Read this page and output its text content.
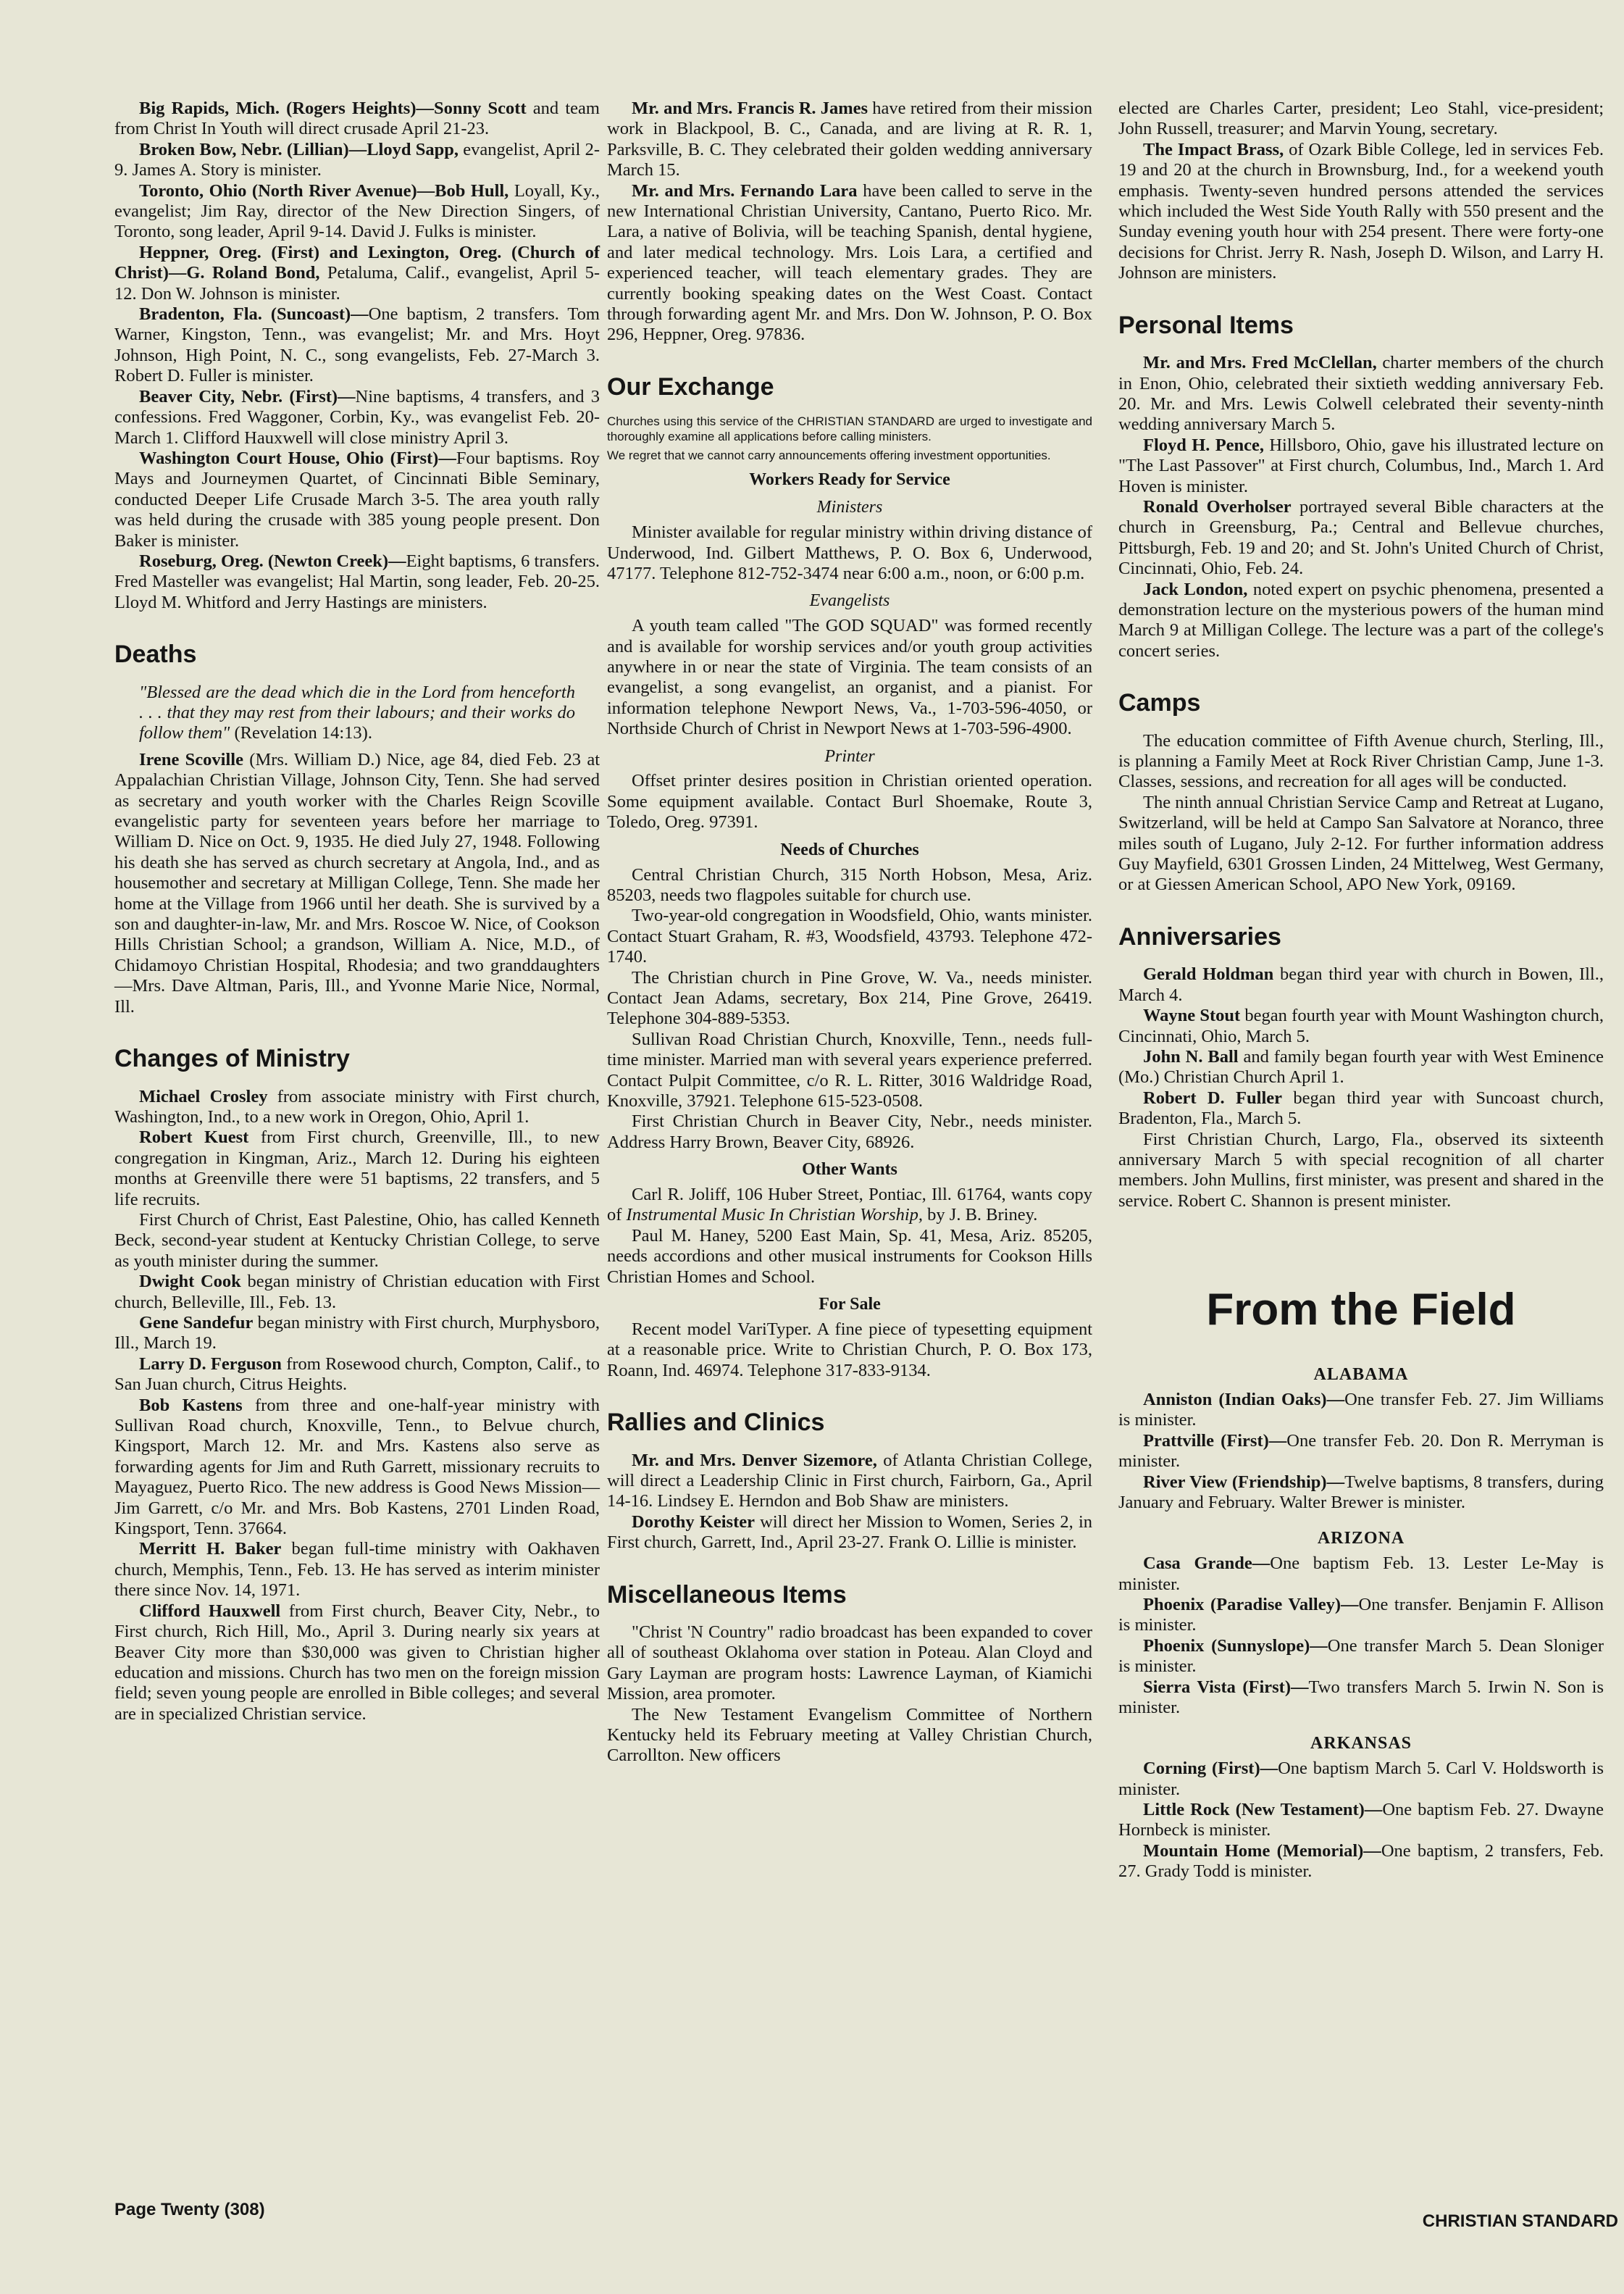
Big Rapids, Mich. (Rogers Heights)—Sonny Scott and team from Christ In Youth will direct crusade April 21-23.

Broken Bow, Nebr. (Lillian)—Lloyd Sapp, evangelist, April 2-9. James A. Story is minister.

Toronto, Ohio (North River Avenue)—Bob Hull, Loyall, Ky., evangelist; Jim Ray, director of the New Direction Singers, of Toronto, song leader, April 9-14. David J. Fulks is minister.

Heppner, Oreg. (First) and Lexington, Oreg. (Church of Christ)—G. Roland Bond, Petaluma, Calif., evangelist, April 5-12. Don W. Johnson is minister.

Bradenton, Fla. (Suncoast)—One baptism, 2 transfers. Tom Warner, Kingston, Tenn., was evangelist; Mr. and Mrs. Hoyt Johnson, High Point, N. C., song evangelists, Feb. 27-March 3. Robert D. Fuller is minister.

Beaver City, Nebr. (First)—Nine baptisms, 4 transfers, and 3 confessions. Fred Waggoner, Corbin, Ky., was evangelist Feb. 20-March 1. Clifford Hauxwell will close ministry April 3.

Washington Court House, Ohio (First)—Four baptisms. Roy Mays and Journeymen Quartet, of Cincinnati Bible Seminary, conducted Deeper Life Crusade March 3-5. The area youth rally was held during the crusade with 385 young people present. Don Baker is minister.

Roseburg, Oreg. (Newton Creek)—Eight baptisms, 6 transfers. Fred Masteller was evangelist; Hal Martin, song leader, Feb. 20-25. Lloyd M. Whitford and Jerry Hastings are ministers.

Deaths

"Blessed are the dead which die in the Lord from henceforth . . . that they may rest from their labours; and their works do follow them" (Revelation 14:13).

Irene Scoville (Mrs. William D.) Nice, age 84, died Feb. 23 at Appalachian Christian Village, Johnson City, Tenn. She had served as secretary and youth worker with the Charles Reign Scoville evangelistic party for seventeen years before her marriage to William D. Nice on Oct. 9, 1935. He died July 27, 1948. Following his death she has served as church secretary at Angola, Ind., and as housemother and secretary at Milligan College, Tenn. She made her home at the Village from 1966 until her death. She is survived by a son and daughter-in-law, Mr. and Mrs. Roscoe W. Nice, of Cookson Hills Christian School; a grandson, William A. Nice, M.D., of Chidamoyo Christian Hospital, Rhodesia; and two granddaughters—Mrs. Dave Altman, Paris, Ill., and Yvonne Marie Nice, Normal, Ill.

Changes of Ministry

Michael Crosley from associate ministry with First church, Washington, Ind., to a new work in Oregon, Ohio, April 1.

Robert Kuest from First church, Greenville, Ill., to new congregation in Kingman, Ariz., March 12. During his eighteen months at Greenville there were 51 baptisms, 22 transfers, and 5 life recruits.

First Church of Christ, East Palestine, Ohio, has called Kenneth Beck, second-year student at Kentucky Christian College, to serve as youth minister during the summer.

Dwight Cook began ministry of Christian education with First church, Belleville, Ill., Feb. 13.

Gene Sandefur began ministry with First church, Murphysboro, Ill., March 19.

Larry D. Ferguson from Rosewood church, Compton, Calif., to San Juan church, Citrus Heights.

Bob Kastens from three and one-half-year ministry with Sullivan Road church, Knoxville, Tenn., to Belvue church, Kingsport, March 12. Mr. and Mrs. Kastens also serve as forwarding agents for Jim and Ruth Garrett, missionary recruits to Mayaguez, Puerto Rico. The new address is Good News Mission—Jim Garrett, c/o Mr. and Mrs. Bob Kastens, 2701 Linden Road, Kingsport, Tenn. 37664.

Merritt H. Baker began full-time ministry with Oakhaven church, Memphis, Tenn., Feb. 13. He has served as interim minister there since Nov. 14, 1971.

Clifford Hauxwell from First church, Beaver City, Nebr., to First church, Rich Hill, Mo., April 3. During nearly six years at Beaver City more than $30,000 was given to Christian higher education and missions. Church has two men on the foreign mission field; seven young people are enrolled in Bible colleges; and several are in specialized Christian service.

Mr. and Mrs. Francis R. James have retired from their mission work in Blackpool, B. C., Canada, and are living at R. R. 1, Parksville, B. C. They celebrated their golden wedding anniversary March 15.

Mr. and Mrs. Fernando Lara have been called to serve in the new International Christian University, Cantano, Puerto Rico. Mr. Lara, a native of Bolivia, will be teaching Spanish, dental hygiene, and later medical technology. Mrs. Lois Lara, a certified and experienced teacher, will teach elementary grades. They are currently booking speaking dates on the West Coast. Contact through forwarding agent Mr. and Mrs. Don W. Johnson, P. O. Box 296, Heppner, Oreg. 97836.

Our Exchange

Churches using this service of the CHRISTIAN STANDARD are urged to investigate and thoroughly examine all applications before calling ministers.

We regret that we cannot carry announcements offering investment opportunities.

Workers Ready for Service
Ministers

Minister available for regular ministry within driving distance of Underwood, Ind. Gilbert Matthews, P. O. Box 6, Underwood, 47177. Telephone 812-752-3474 near 6:00 a.m., noon, or 6:00 p.m.

Evangelists

A youth team called "The GOD SQUAD" was formed recently and is available for worship services and/or youth group activities anywhere in or near the state of Virginia. The team consists of an evangelist, a song evangelist, an organist, and a pianist. For information telephone Newport News, Va., 1-703-596-4050, or Northside Church of Christ in Newport News at 1-703-596-4900.

Printer

Offset printer desires position in Christian oriented operation. Some equipment available. Contact Burl Shoemake, Route 3, Toledo, Oreg. 97391.

Needs of Churches

Central Christian Church, 315 North Hobson, Mesa, Ariz. 85203, needs two flagpoles suitable for church use.

Two-year-old congregation in Woodsfield, Ohio, wants minister. Contact Stuart Graham, R. #3, Woodsfield, 43793. Telephone 472-1740.

The Christian church in Pine Grove, W. Va., needs minister. Contact Jean Adams, secretary, Box 214, Pine Grove, 26419. Telephone 304-889-5353.

Sullivan Road Christian Church, Knoxville, Tenn., needs full-time minister. Married man with several years experience preferred. Contact Pulpit Committee, c/o R. L. Ritter, 3016 Waldridge Road, Knoxville, 37921. Telephone 615-523-0508.

First Christian Church in Beaver City, Nebr., needs minister. Address Harry Brown, Beaver City, 68926.

Other Wants

Carl R. Joliff, 106 Huber Street, Pontiac, Ill. 61764, wants copy of Instrumental Music In Christian Worship, by J. B. Briney.

Paul M. Haney, 5200 East Main, Sp. 41, Mesa, Ariz. 85205, needs accordions and other musical instruments for Cookson Hills Christian Homes and School.

For Sale

Recent model VariTyper. A fine piece of typesetting equipment at a reasonable price. Write to Christian Church, P. O. Box 173, Roann, Ind. 46974. Telephone 317-833-9134.

Rallies and Clinics

Mr. and Mrs. Denver Sizemore, of Atlanta Christian College, will direct a Leadership Clinic in First church, Fairborn, Ga., April 14-16. Lindsey E. Herndon and Bob Shaw are ministers.

Dorothy Keister will direct her Mission to Women, Series 2, in First church, Garrett, Ind., April 23-27. Frank O. Lillie is minister.

Miscellaneous Items

"Christ 'N Country" radio broadcast has been expanded to cover all of southeast Oklahoma over station in Poteau. Alan Cloyd and Gary Layman are program hosts: Lawrence Layman, of Kiamichi Mission, area promoter.

The New Testament Evangelism Committee of Northern Kentucky held its February meeting at Valley Christian Church, Carrollton. New officers

elected are Charles Carter, president; Leo Stahl, vice-president; John Russell, treasurer; and Marvin Young, secretary.

The Impact Brass, of Ozark Bible College, led in services Feb. 19 and 20 at the church in Brownsburg, Ind., for a weekend youth emphasis. Twenty-seven hundred persons attended the services which included the West Side Youth Rally with 550 present and the Sunday evening youth hour with 254 present. There were forty-one decisions for Christ. Jerry R. Nash, Joseph D. Wilson, and Larry H. Johnson are ministers.

Personal Items

Mr. and Mrs. Fred McClellan, charter members of the church in Enon, Ohio, celebrated their sixtieth wedding anniversary Feb. 20. Mr. and Mrs. Lewis Colwell celebrated their seventy-ninth wedding anniversary March 5.

Floyd H. Pence, Hillsboro, Ohio, gave his illustrated lecture on "The Last Passover" at First church, Columbus, Ind., March 1. Ard Hoven is minister.

Ronald Overholser portrayed several Bible characters at the church in Greensburg, Pa.; Central and Bellevue churches, Pittsburgh, Feb. 19 and 20; and St. John's United Church of Christ, Cincinnati, Ohio, Feb. 24.

Jack London, noted expert on psychic phenomena, presented a demonstration lecture on the mysterious powers of the human mind March 9 at Milligan College. The lecture was a part of the college's concert series.

Camps

The education committee of Fifth Avenue church, Sterling, Ill., is planning a Family Meet at Rock River Christian Camp, June 1-3. Classes, sessions, and recreation for all ages will be conducted.

The ninth annual Christian Service Camp and Retreat at Lugano, Switzerland, will be held at Campo San Salvatore at Noranco, three miles south of Lugano, July 2-12. For further information address Guy Mayfield, 6301 Grossen Linden, 24 Mittelweg, West Germany, or at Giessen American School, APO New York, 09169.

Anniversaries

Gerald Holdman began third year with church in Bowen, Ill., March 4.

Wayne Stout began fourth year with Mount Washington church, Cincinnati, Ohio, March 5.

John N. Ball and family began fourth year with West Eminence (Mo.) Christian Church April 1.

Robert D. Fuller began third year with Suncoast church, Bradenton, Fla., March 5.

First Christian Church, Largo, Fla., observed its sixteenth anniversary March 5 with special recognition of all charter members. John Mullins, first minister, was present and shared in the service. Robert C. Shannon is present minister.

From the Field
ALABAMA

Anniston (Indian Oaks)—One transfer Feb. 27. Jim Williams is minister.

Prattville (First)—One transfer Feb. 20. Don R. Merryman is minister.

River View (Friendship)—Twelve baptisms, 8 transfers, during January and February. Walter Brewer is minister.

ARIZONA

Casa Grande—One baptism Feb. 13. Lester Le-May is minister.

Phoenix (Paradise Valley)—One transfer. Benjamin F. Allison is minister.

Phoenix (Sunnyslope)—One transfer March 5. Dean Sloniger is minister.

Sierra Vista (First)—Two transfers March 5. Irwin N. Son is minister.

ARKANSAS

Corning (First)—One baptism March 5. Carl V. Holdsworth is minister.

Little Rock (New Testament)—One baptism Feb. 27. Dwayne Hornbeck is minister.

Mountain Home (Memorial)—One baptism, 2 transfers, Feb. 27. Grady Todd is minister.

Page Twenty (308)
CHRISTIAN STANDARD
